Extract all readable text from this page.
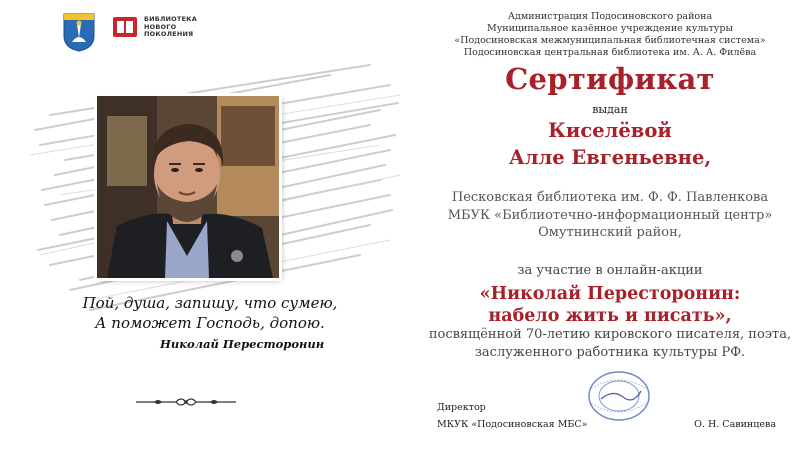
БИБЛИОТЕКА
НОВОГО
ПОКОЛЕНИЯ
Пой, душа, запишу, что сумею,
А поможет Господь, допою.
Николай Пересторонин
Администрация Подосиновского района
Муниципальное казённое учреждение культуры
«Подосиновская межмуниципальная библиотечная система»
Подосиновская центральная библиотека им. А. А. Филёва
Сертификат
выдан
Киселёвой
Алле Евгеньевне,
Песковская библиотека им. Ф. Ф. Павленкова
МБУК «Библиотечно-информационный центр»
Омутнинский район,
за участие в онлайн-акции
«Николай Пересторонин:
набело жить и писать»,
посвящённой 70-летию кировского писателя, поэта,
заслуженного работника культуры РФ.
Директор
МКУК «Подосиновская МБС»	О. Н. Савинцева
